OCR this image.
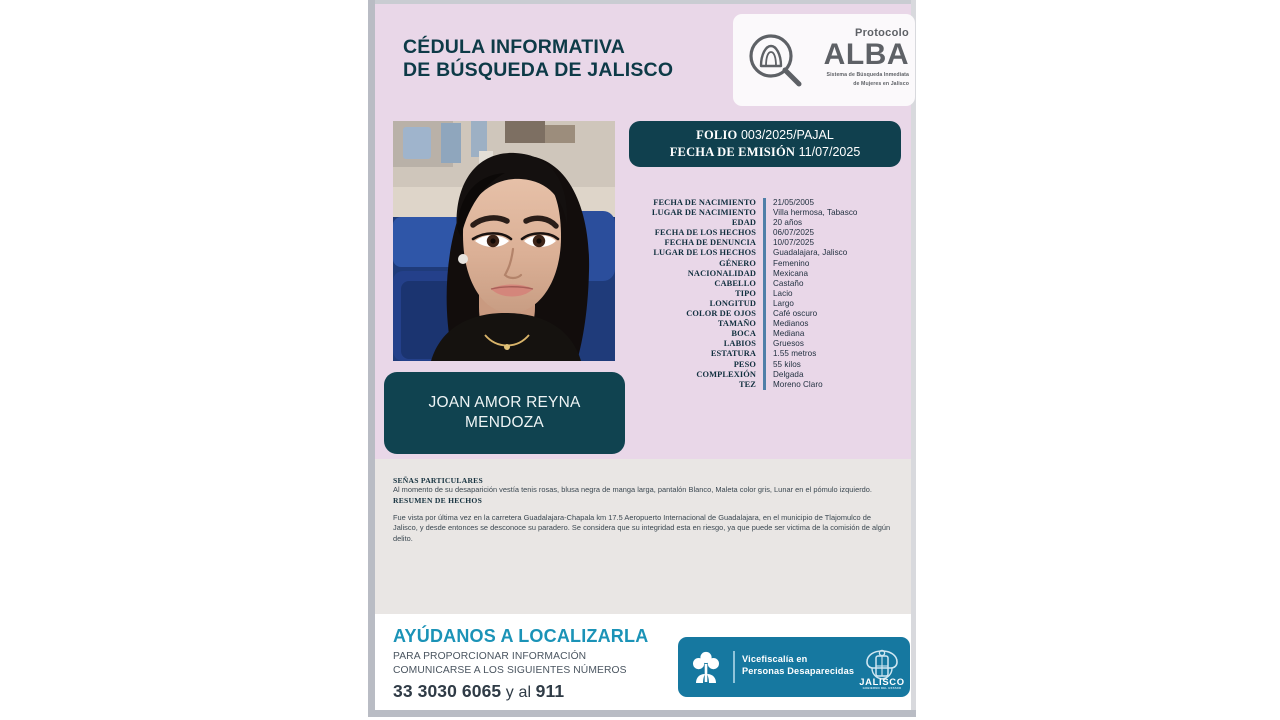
CÉDULA INFORMATIVA
DE BÚSQUEDA DE JALISCO
Protocolo
ALBA
Sistema de Búsqueda Inmediata
de Mujeres en Jalisco
JOAN AMOR REYNA
MENDOZA
FOLIO 003/2025/PAJAL
FECHA DE EMISIÓN 11/07/2025
FECHA DE NACIMIENTO	21/05/2005
LUGAR DE NACIMIENTO	Villa hermosa, Tabasco
EDAD	20 años
FECHA DE LOS HECHOS	06/07/2025
FECHA DE DENUNCIA	10/07/2025
LUGAR DE LOS HECHOS	Guadalajara, Jalisco
GÉNERO	Femenino
NACIONALIDAD	Mexicana
CABELLO	Castaño
TIPO	Lacio
LONGITUD	Largo
COLOR DE OJOS	Café oscuro
TAMAÑO	Medianos
BOCA	Mediana
LABIOS	Gruesos
ESTATURA	1.55 metros
PESO	55 kilos
COMPLEXIÓN	Delgada
TEZ	Moreno Claro
SEÑAS PARTICULARES
Al momento de su desaparición vestía tenis rosas, blusa negra de manga larga, pantalón Blanco, Maleta color gris, Lunar en el pómulo izquierdo.
RESUMEN DE HECHOS
Fue vista por última vez en la carretera Guadalajara-Chapala km 17.5 Aeropuerto Internacional de Guadalajara, en el municipio de Tlajomulco de Jalisco, y desde entonces se desconoce su paradero. Se considera que su integridad esta en riesgo, ya que puede ser victima de la comisión de algún delito.
AYÚDANOS A LOCALIZARLA
PARA PROPORCIONAR INFORMACIÓN
COMUNICARSE A LOS SIGUIENTES NÚMEROS
33 3030 6065 y al 911
Vicefiscalía en
Personas Desaparecidas
JALISCO
GOBIERNO DEL ESTADO
